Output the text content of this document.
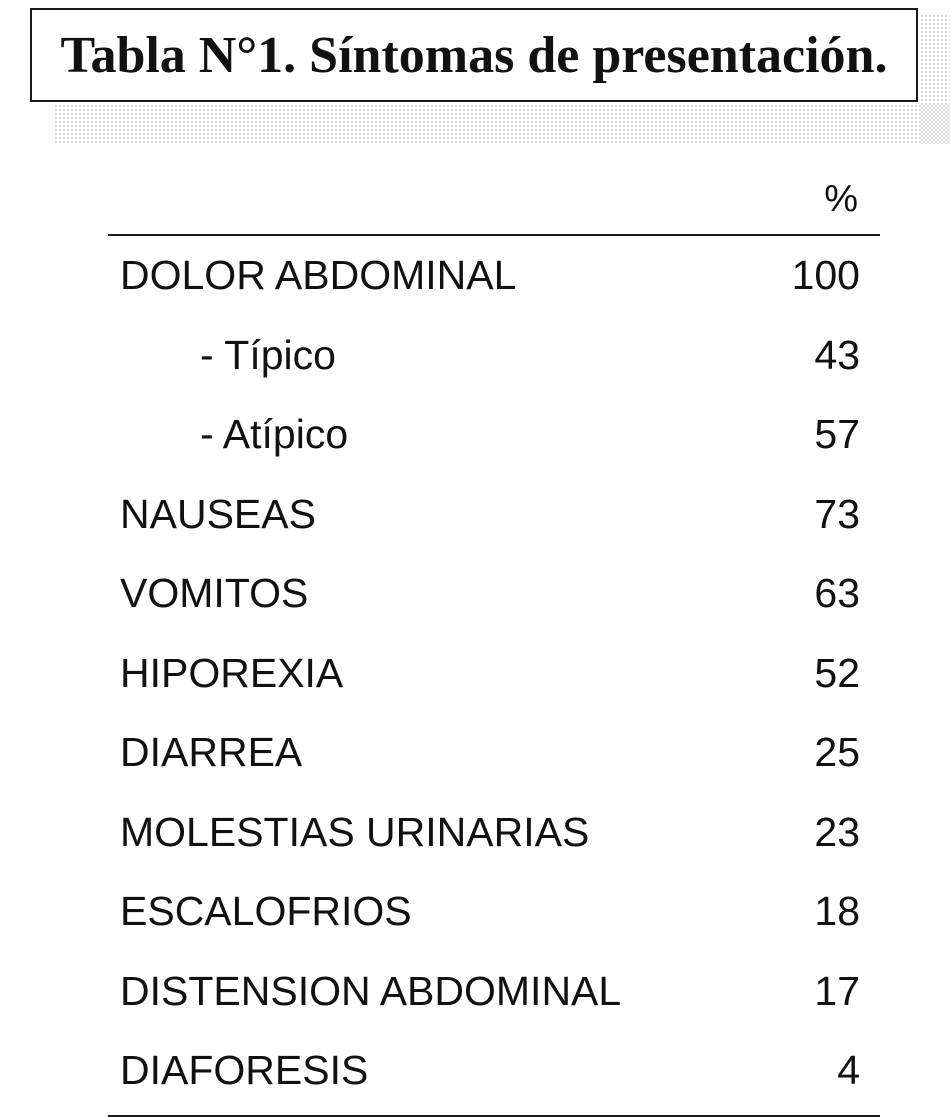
Tabla N°1. Síntomas de presentación.
%
DOLOR ABDOMINAL	100
- Típico	43
- Atípico	57
NAUSEAS	73
VOMITOS	63
HIPOREXIA	52
DIARREA	25
MOLESTIAS URINARIAS	23
ESCALOFRIOS	18
DISTENSION ABDOMINAL	17
DIAFORESIS	4
